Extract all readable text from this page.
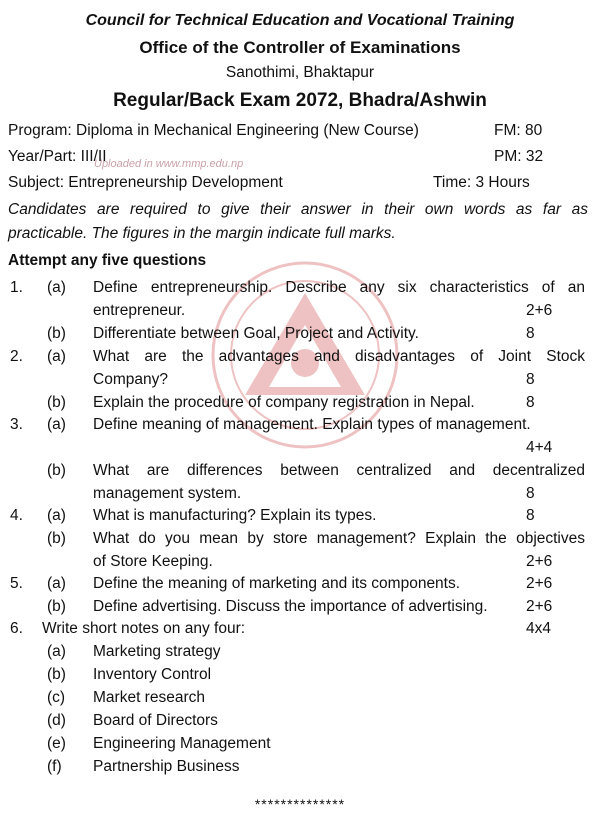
Uploaded in www.mmp.edu.np
Council for Technical Education and Vocational Training
Office of the Controller of Examinations
Sanothimi, Bhaktapur
Regular/Back Exam 2072, Bhadra/Ashwin
Program: Diploma in Mechanical Engineering (New Course)	FM: 80
Year/Part: III/II	PM: 32
Subject: Entrepreneurship Development	Time: 3 Hours
Candidates are required to give their answer in their own words as far as
practicable. The figures in the margin indicate full marks.
Attempt any five questions
1. (a) Define entrepreneurship. Describe any six characteristics of an
entrepreneur.	2+6
(b) Differentiate between Goal, Project and Activity.	8
2. (a) What are the advantages and disadvantages of Joint Stock
Company?	8
(b) Explain the procedure of company registration in Nepal.	8
3. (a) Define meaning of management. Explain types of management.
4+4
(b) What are differences between centralized and decentralized
management system.	8
4. (a) What is manufacturing? Explain its types.	8
(b) What do you mean by store management? Explain the objectives
of Store Keeping.	2+6
5. (a) Define the meaning of marketing and its components.	2+6
(b) Define advertising. Discuss the importance of advertising.	2+6
6. Write short notes on any four:	4x4
(a) Marketing strategy
(b) Inventory Control
(c) Market research
(d) Board of Directors
(e) Engineering Management
(f) Partnership Business
**************
